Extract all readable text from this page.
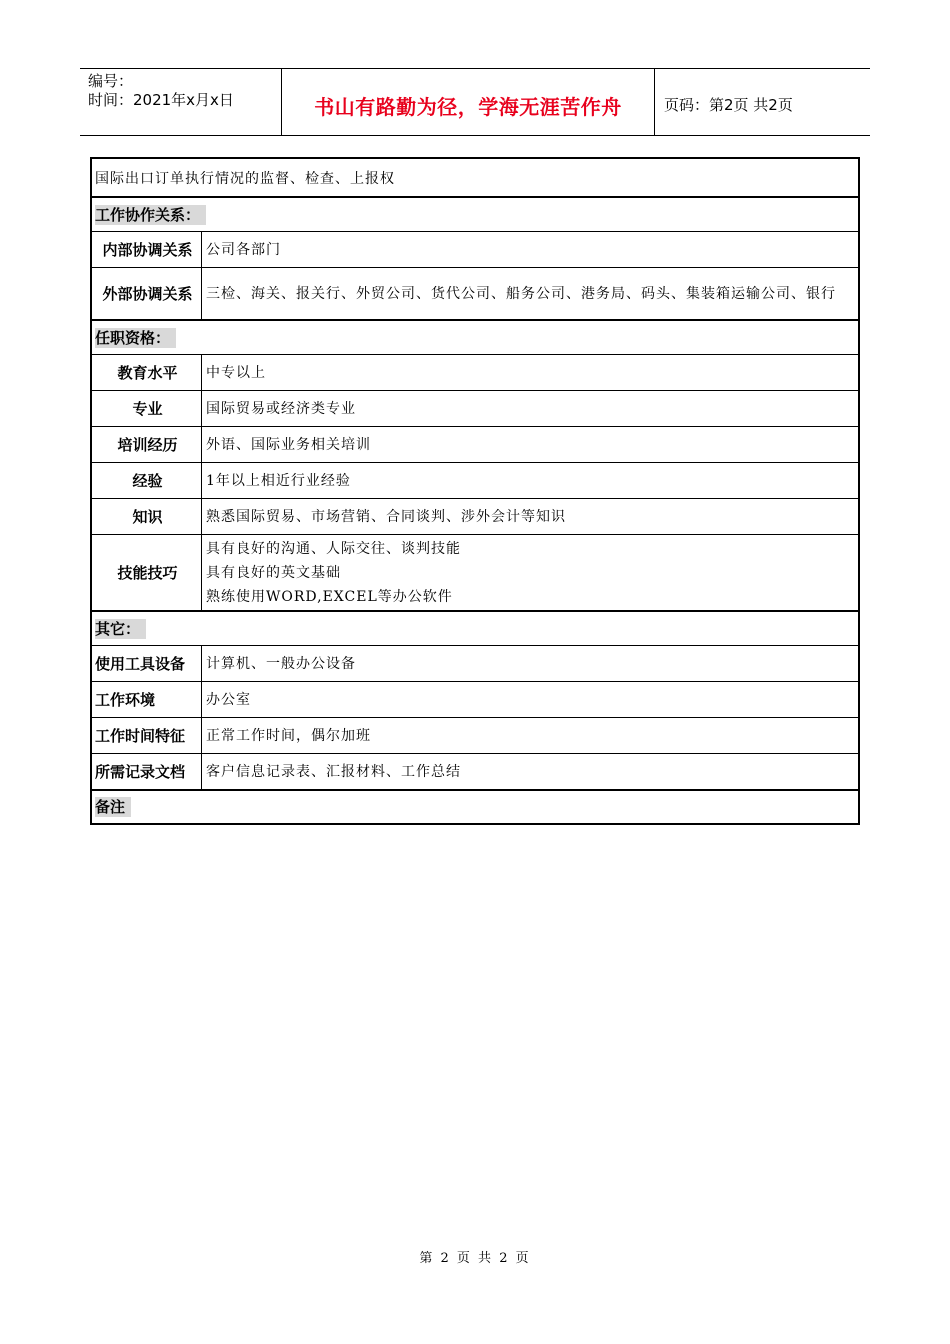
编号：
时间：2021年x月x日	书山有路勤为径，学海无涯苦作舟	页码：第2页 共2页
国际出口订单执行情况的监督、检查、上报权
工作协作关系：
内部协调关系 公司各部门
外部协调关系 三检、海关、报关行、外贸公司、货代公司、船务公司、港务局、码头、集装箱运输公司、银行
任职资格：
教育水平	中专以上
专业	国际贸易或经济类专业
培训经历	外语、国际业务相关培训
经验	1年以上相近行业经验
知识	熟悉国际贸易、市场营销、合同谈判、涉外会计等知识
技能技巧
具有良好的沟通、人际交往、谈判技能
具有良好的英文基础
熟练使用WORD,EXCEL等办公软件
其它：
使用工具设备	计算机、一般办公设备
工作环境	办公室
工作时间特征	正常工作时间，偶尔加班
所需记录文档	客户信息记录表、汇报材料、工作总结
备注
第 2 页 共 2 页
